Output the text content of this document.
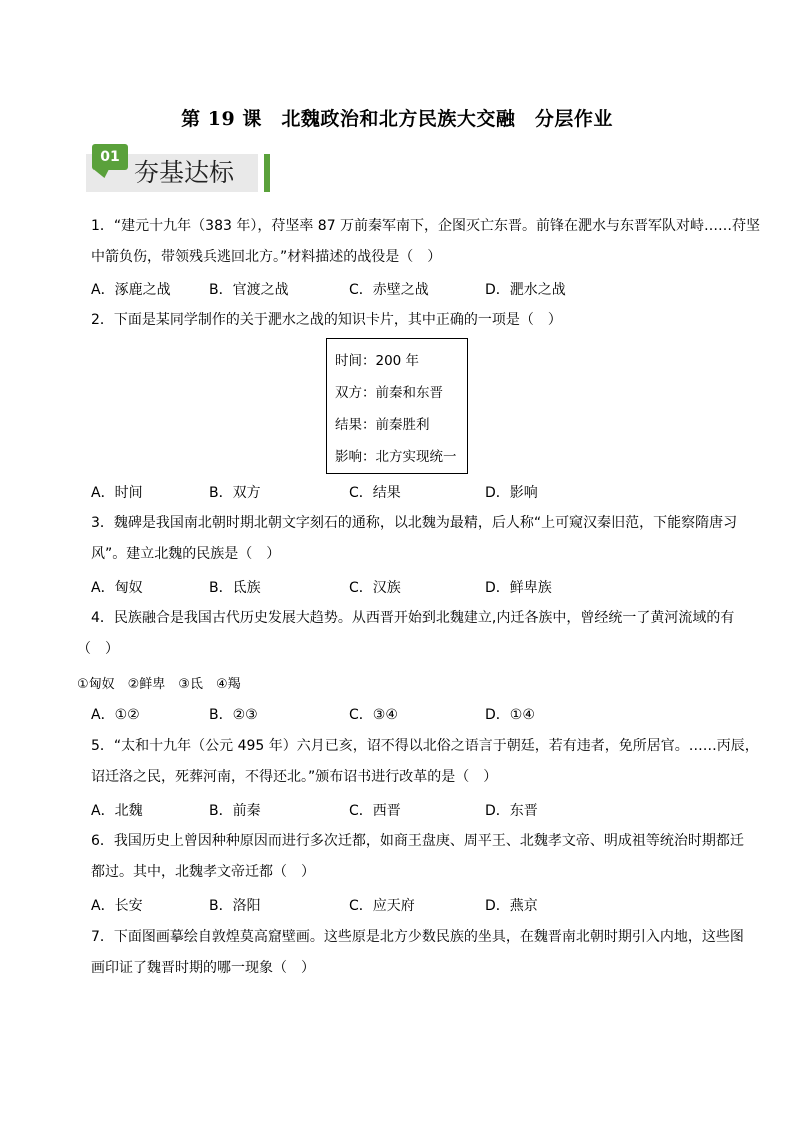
第 19 课　北魏政治和北方民族大交融　分层作业
01
夯基达标
1．“建元十九年（383 年），苻坚率 87 万前秦军南下，企图灭亡东晋。前锋在淝水与东晋军队对峙……苻坚
中箭负伤，带领残兵逃回北方。”材料描述的战役是（　）
A．涿鹿之战	B．官渡之战	C．赤壁之战	D．淝水之战
2．下面是某同学制作的关于淝水之战的知识卡片，其中正确的一项是（　）
时间：200 年
双方：前秦和东晋
结果：前秦胜利
影响：北方实现统一
A．时间	B．双方	C．结果	D．影响
3．魏碑是我国南北朝时期北朝文字刻石的通称，以北魏为最精，后人称“上可窥汉秦旧范，下能察隋唐习
风”。建立北魏的民族是（　）
A．匈奴	B．氐族	C．汉族	D．鲜卑族
4．民族融合是我国古代历史发展大趋势。从西晋开始到北魏建立,内迁各族中，曾经统一了黄河流域的有
（　）
①匈奴　②鲜卑　③氐　④羯
A．①②	B．②③	C．③④	D．①④
5．“太和十九年（公元 495 年）六月已亥，诏不得以北俗之语言于朝廷，若有违者，免所居官。……丙辰，
诏迁洛之民，死葬河南，不得还北。”颁布诏书进行改革的是（　）
A．北魏	B．前秦	C．西晋	D．东晋
6．我国历史上曾因种种原因而进行多次迁都，如商王盘庚、周平王、北魏孝文帝、明成祖等统治时期都迁
都过。其中，北魏孝文帝迁都（　）
A．长安	B．洛阳	C．应天府	D．燕京
7．下面图画摹绘自敦煌莫高窟壁画。这些原是北方少数民族的坐具，在魏晋南北朝时期引入内地，这些图
画印证了魏晋时期的哪一现象（　）
